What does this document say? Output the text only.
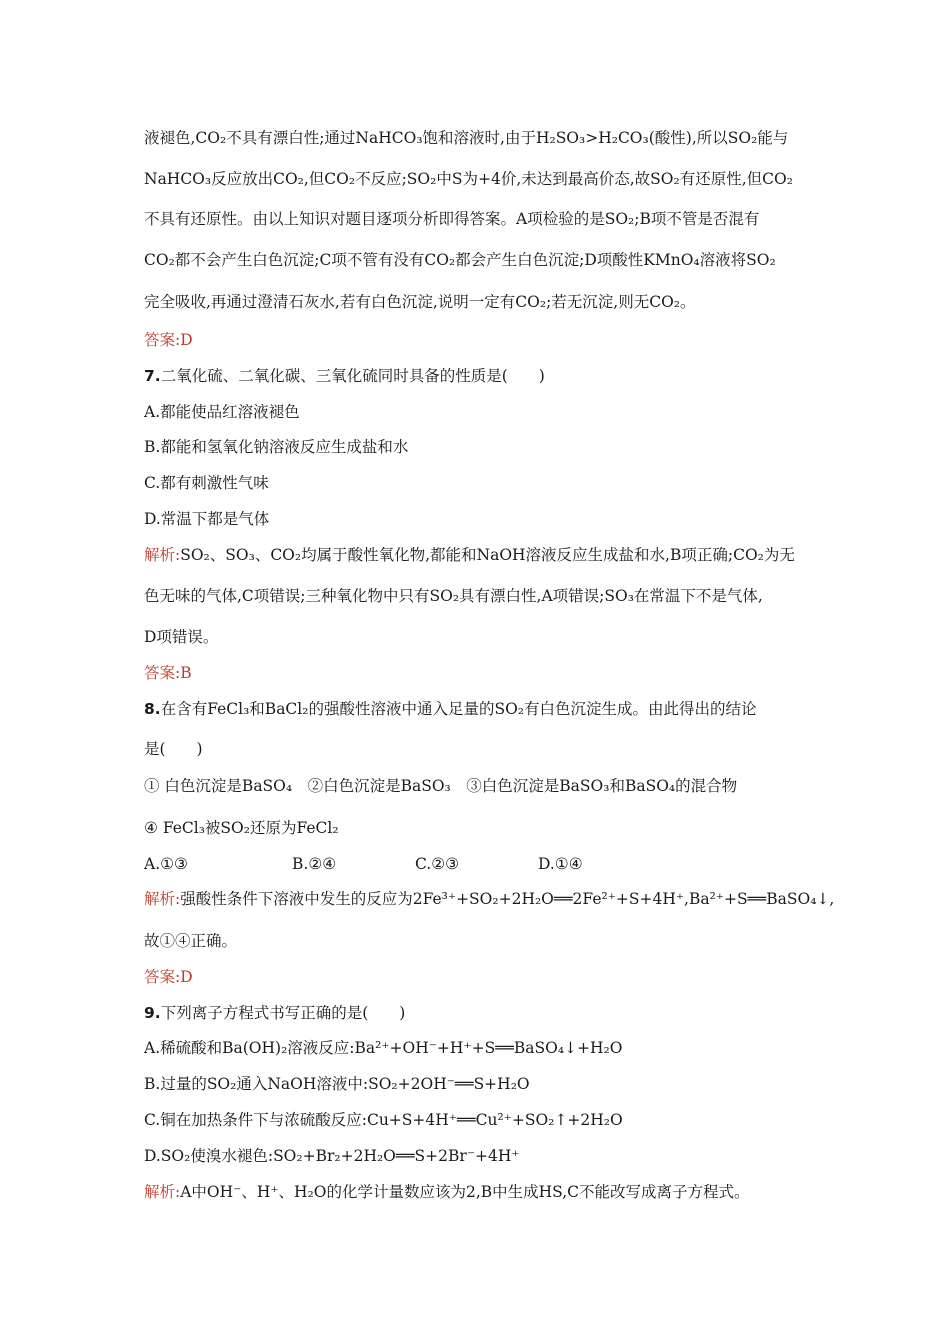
液褪色,CO₂不具有漂白性;通过NaHCO₃饱和溶液时,由于H₂SO₃>H₂CO₃(酸性),所以SO₂能与
NaHCO₃反应放出CO₂,但CO₂不反应;SO₂中S为+4价,未达到最高价态,故SO₂有还原性,但CO₂
不具有还原性。由以上知识对题目逐项分析即得答案。A项检验的是SO₂;B项不管是否混有
CO₂都不会产生白色沉淀;C项不管有没有CO₂都会产生白色沉淀;D项酸性KMnO₄溶液将SO₂
完全吸收,再通过澄清石灰水,若有白色沉淀,说明一定有CO₂;若无沉淀,则无CO₂。
答案:D
7.二氧化硫、二氧化碳、三氧化硫同时具备的性质是(　　)
A.都能使品红溶液褪色
B.都能和氢氧化钠溶液反应生成盐和水
C.都有刺激性气味
D.常温下都是气体
解析:SO₂、SO₃、CO₂均属于酸性氧化物,都能和NaOH溶液反应生成盐和水,B项正确;CO₂为无
色无味的气体,C项错误;三种氧化物中只有SO₂具有漂白性,A项错误;SO₃在常温下不是气体,
D项错误。
答案:B
8.在含有FeCl₃和BaCl₂的强酸性溶液中通入足量的SO₂有白色沉淀生成。由此得出的结论
是(　　)
① 白色沉淀是BaSO₄　②白色沉淀是BaSO₃　③白色沉淀是BaSO₃和BaSO₄的混合物
④ FeCl₃被SO₂还原为FeCl₂
A.①③	B.②④	C.②③	D.①④
解析:强酸性条件下溶液中发生的反应为2Fe³⁺+SO₂+2H₂O══2Fe²⁺+S+4H⁺,Ba²⁺+S══BaSO₄↓,
故①④正确。
答案:D
9.下列离子方程式书写正确的是(　　)
A.稀硫酸和Ba(OH)₂溶液反应:Ba²⁺+OH⁻+H⁺+S══BaSO₄↓+H₂O
B.过量的SO₂通入NaOH溶液中:SO₂+2OH⁻══S+H₂O
C.铜在加热条件下与浓硫酸反应:Cu+S+4H⁺══Cu²⁺+SO₂↑+2H₂O
D.SO₂使溴水褪色:SO₂+Br₂+2H₂O══S+2Br⁻+4H⁺
解析:A中OH⁻、H⁺、H₂O的化学计量数应该为2,B中生成HS,C不能改写成离子方程式。
